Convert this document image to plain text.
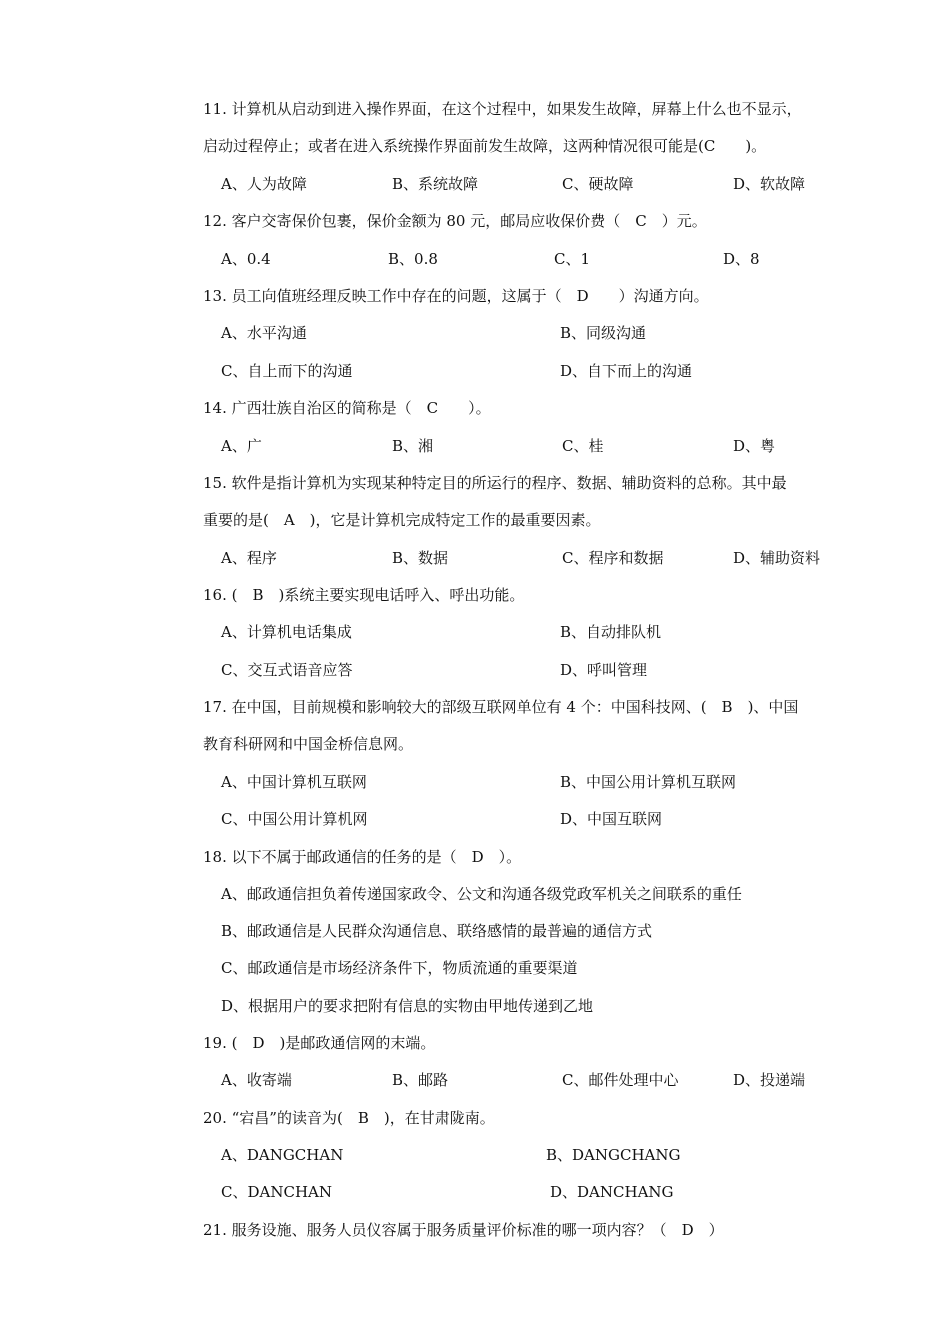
11. 计算机从启动到进入操作界面，在这个过程中，如果发生故障，屏幕上什么也不显示，
启动过程停止；或者在进入系统操作界面前发生故障，这两种情况很可能是(C　　)。
A、人为故障	B、系统故障	C、硬故障	D、软故障
12. 客户交寄保价包裹，保价金额为 80 元，邮局应收保价费（　C　）元。
A、0.4	B、0.8	C、1	D、8
13. 员工向值班经理反映工作中存在的问题，这属于（　D　　）沟通方向。
A、水平沟通	B、同级沟通
C、自上而下的沟通	D、自下而上的沟通
14. 广西壮族自治区的简称是（　C　　）。
A、广	B、湘	C、桂	D、粤
15. 软件是指计算机为实现某种特定目的所运行的程序、数据、辅助资料的总称。其中最
重要的是(　A　)，它是计算机完成特定工作的最重要因素。
A、程序	B、数据	C、程序和数据	D、辅助资料
16. (　B　)系统主要实现电话呼入、呼出功能。
A、计算机电话集成	B、自动排队机
C、交互式语音应答	D、呼叫管理
17. 在中国，目前规模和影响较大的部级互联网单位有 4 个：中国科技网、(　B　)、中国
教育科研网和中国金桥信息网。
A、中国计算机互联网	B、中国公用计算机互联网
C、中国公用计算机网	D、中国互联网
18. 以下不属于邮政通信的任务的是（　D　）。
A、邮政通信担负着传递国家政令、公文和沟通各级党政军机关之间联系的重任
B、邮政通信是人民群众沟通信息、联络感情的最普遍的通信方式
C、邮政通信是市场经济条件下，物质流通的重要渠道
D、根据用户的要求把附有信息的实物由甲地传递到乙地
19. (　D　)是邮政通信网的末端。
A、收寄端	B、邮路	C、邮件处理中心	D、投递端
20. “宕昌”的读音为(　B　)，在甘肃陇南。
A、DANGCHAN	B、DANGCHANG
C、DANCHAN	D、DANCHANG
21. 服务设施、服务人员仪容属于服务质量评价标准的哪一项内容？（　D　）
